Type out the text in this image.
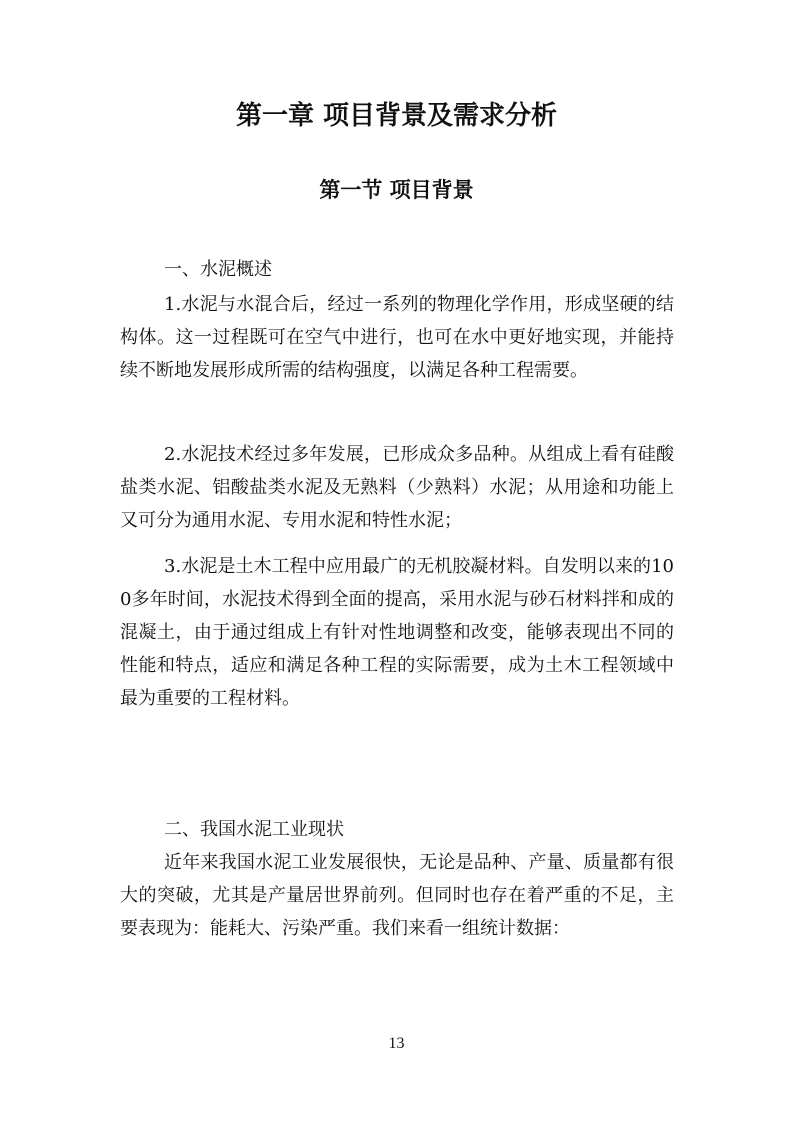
第一章 项目背景及需求分析
第一节 项目背景

一、水泥概述

1.水泥与水混合后，经过一系列的物理化学作用，形成坚硬的结构体。这一过程既可在空气中进行，也可在水中更好地实现，并能持续不断地发展形成所需的结构强度，以满足各种工程需要。

2.水泥技术经过多年发展，已形成众多品种。从组成上看有硅酸盐类水泥、铝酸盐类水泥及无熟料（少熟料）水泥；从用途和功能上又可分为通用水泥、专用水泥和特性水泥；

3.水泥是土木工程中应用最广的无机胶凝材料。自发明以来的100多年时间，水泥技术得到全面的提高，采用水泥与砂石材料拌和成的混凝土，由于通过组成上有针对性地调整和改变，能够表现出不同的性能和特点，适应和满足各种工程的实际需要，成为土木工程领域中最为重要的工程材料。

二、我国水泥工业现状

近年来我国水泥工业发展很快，无论是品种、产量、质量都有很大的突破，尤其是产量居世界前列。但同时也存在着严重的不足，主要表现为：能耗大、污染严重。我们来看一组统计数据：

13
